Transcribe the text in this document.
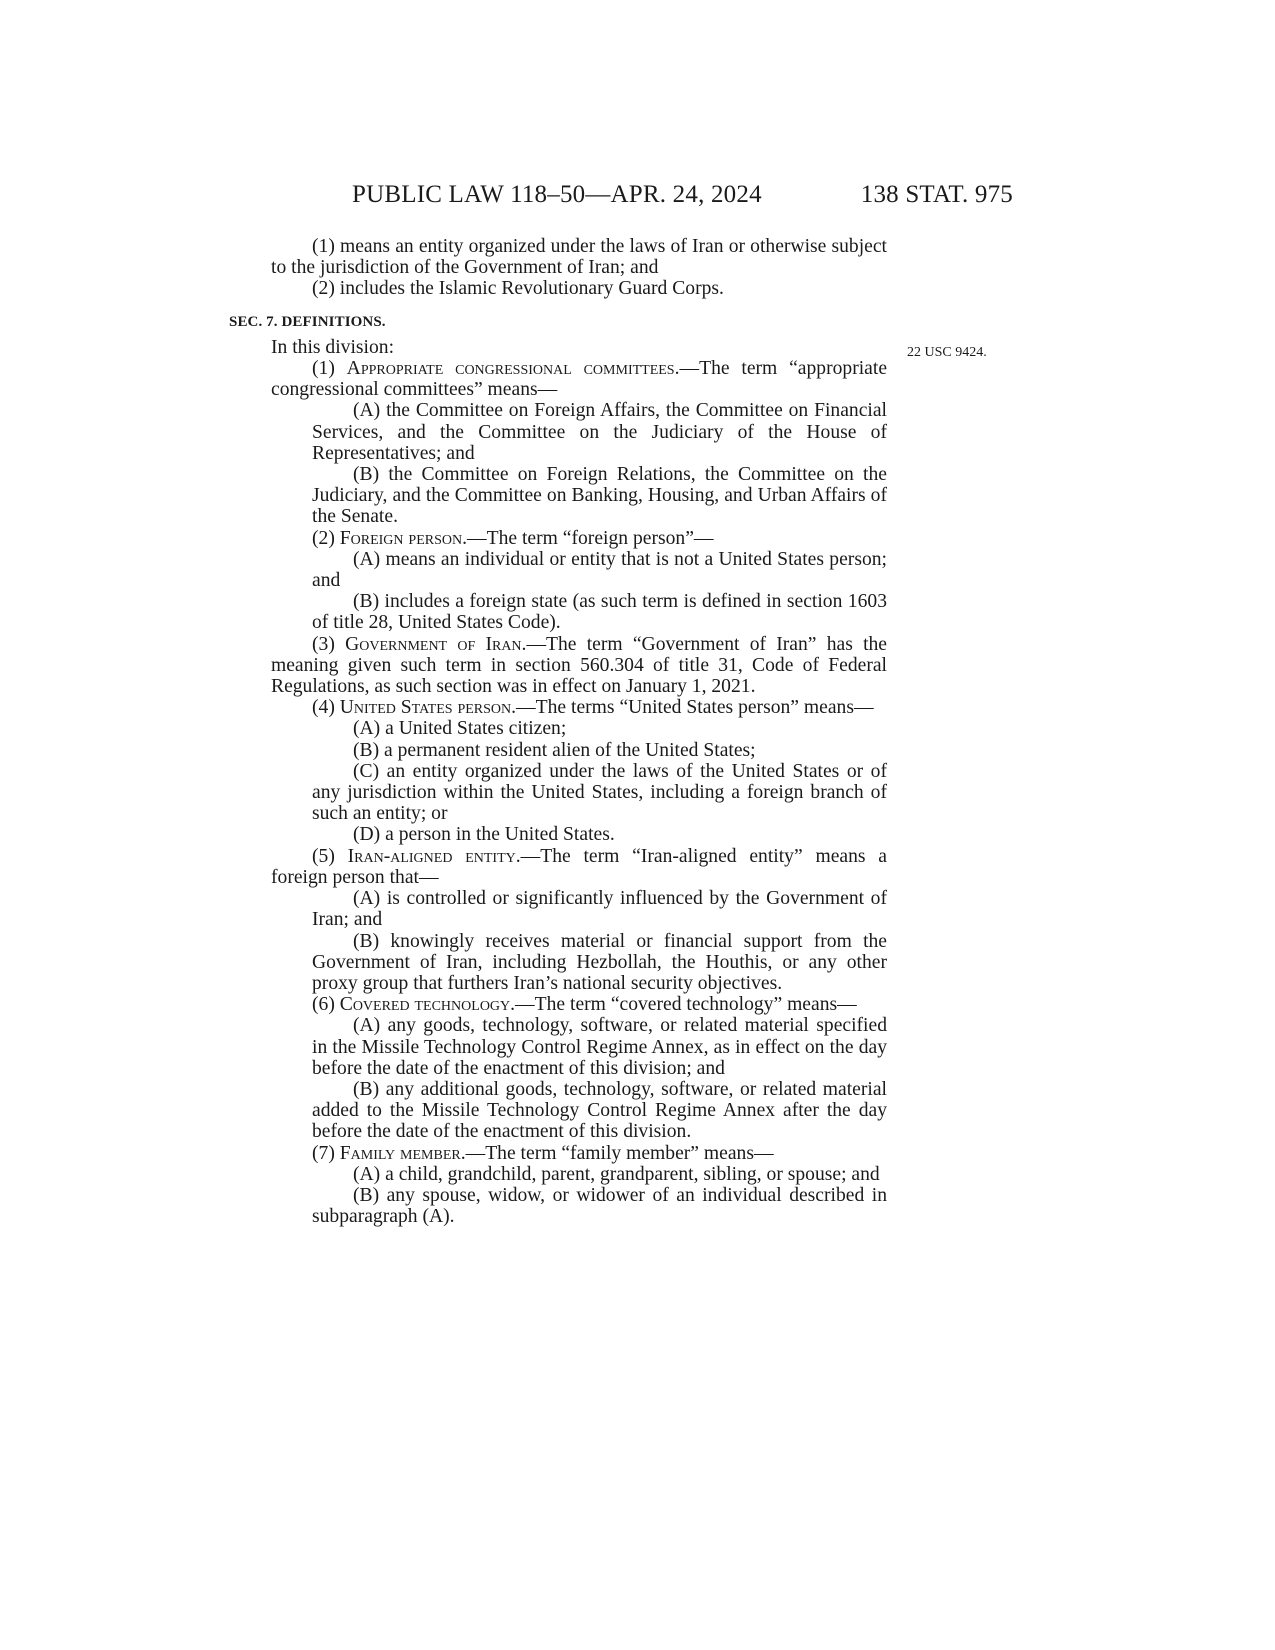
PUBLIC LAW 118–50—APR. 24, 2024	138 STAT. 975
22 USC 9424.

(1) means an entity organized under the laws of Iran or otherwise subject to the jurisdiction of the Government of Iran; and

(2) includes the Islamic Revolutionary Guard Corps.

SEC. 7. DEFINITIONS.

In this division:

(1) Appropriate congressional committees.—The term “appropriate congressional committees” means—

(A) the Committee on Foreign Affairs, the Committee on Financial Services, and the Committee on the Judiciary of the House of Representatives; and

(B) the Committee on Foreign Relations, the Committee on the Judiciary, and the Committee on Banking, Housing, and Urban Affairs of the Senate.

(2) Foreign person.—The term “foreign person”—

(A) means an individual or entity that is not a United States person; and

(B) includes a foreign state (as such term is defined in section 1603 of title 28, United States Code).

(3) Government of Iran.—The term “Government of Iran” has the meaning given such term in section 560.304 of title 31, Code of Federal Regulations, as such section was in effect on January 1, 2021.

(4) United States person.—The terms “United States person” means—

(A) a United States citizen;

(B) a permanent resident alien of the United States;

(C) an entity organized under the laws of the United States or of any jurisdiction within the United States, including a foreign branch of such an entity; or

(D) a person in the United States.

(5) Iran-aligned entity.—The term “Iran-aligned entity” means a foreign person that—

(A) is controlled or significantly influenced by the Government of Iran; and

(B) knowingly receives material or financial support from the Government of Iran, including Hezbollah, the Houthis, or any other proxy group that furthers Iran’s national security objectives.

(6) Covered technology.—The term “covered technology” means—

(A) any goods, technology, software, or related material specified in the Missile Technology Control Regime Annex, as in effect on the day before the date of the enactment of this division; and

(B) any additional goods, technology, software, or related material added to the Missile Technology Control Regime Annex after the day before the date of the enactment of this division.

(7) Family member.—The term “family member” means—

(A) a child, grandchild, parent, grandparent, sibling, or spouse; and

(B) any spouse, widow, or widower of an individual described in subparagraph (A).
